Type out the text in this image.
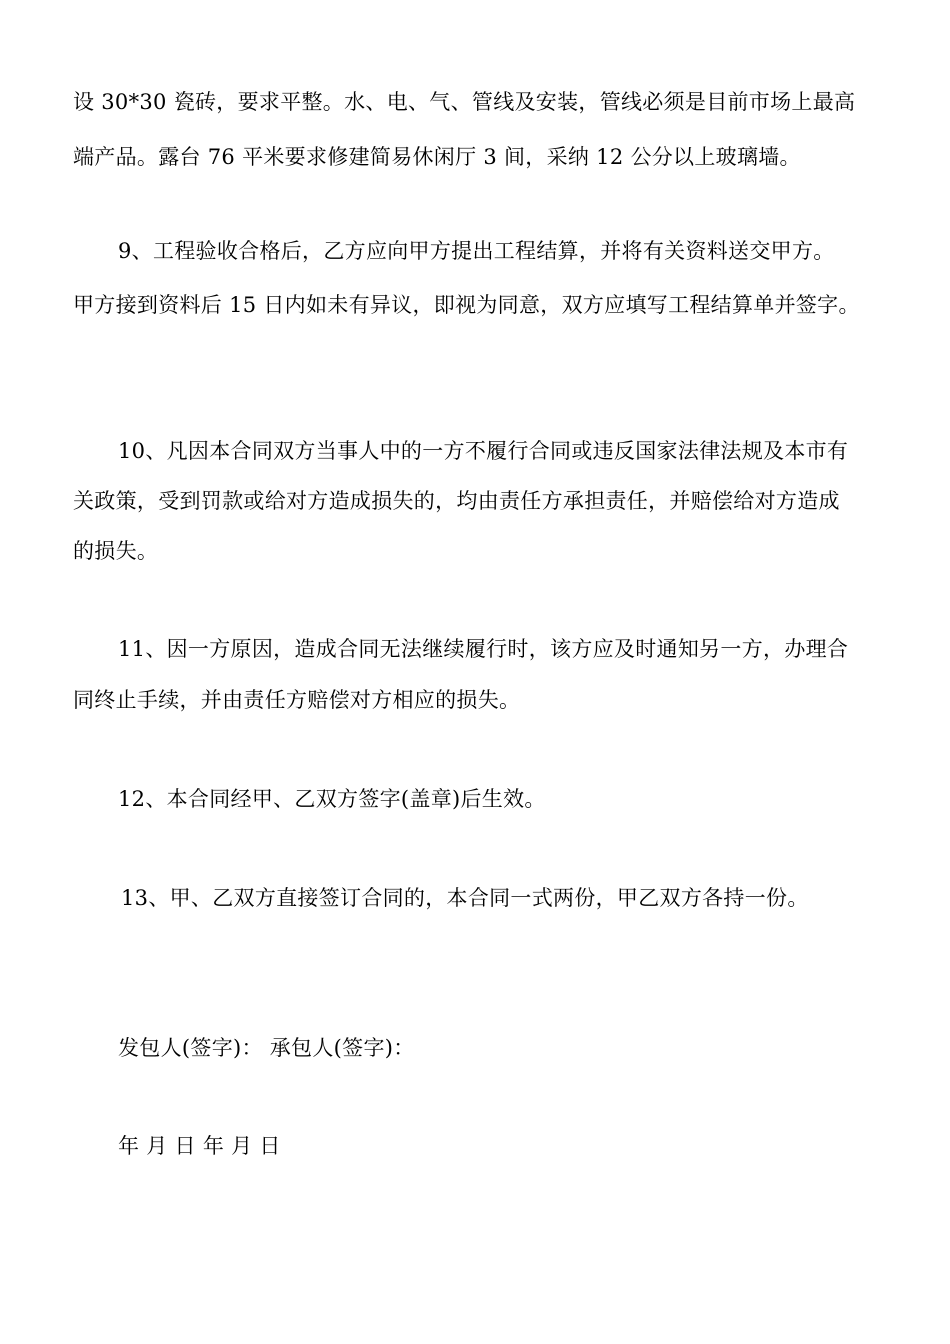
设 30*30 瓷砖，要求平整。水、电、气、管线及安装，管线必须是目前市场上最高
端产品。露台 76 平米要求修建简易休闲厅 3 间，采纳 12 公分以上玻璃墙。
9、工程验收合格后，乙方应向甲方提出工程结算，并将有关资料送交甲方。
甲方接到资料后 15 日内如未有异议，即视为同意，双方应填写工程结算单并签字。
10、凡因本合同双方当事人中的一方不履行合同或违反国家法律法规及本市有
关政策，受到罚款或给对方造成损失的，均由责任方承担责任，并赔偿给对方造成
的损失。
11、因一方原因，造成合同无法继续履行时，该方应及时通知另一方，办理合
同终止手续，并由责任方赔偿对方相应的损失。
12、本合同经甲、乙双方签字(盖章)后生效。
13、甲、乙双方直接签订合同的，本合同一式两份，甲乙双方各持一份。
发包人(签字)： 承包人(签字)：
年 月 日 年 月 日
